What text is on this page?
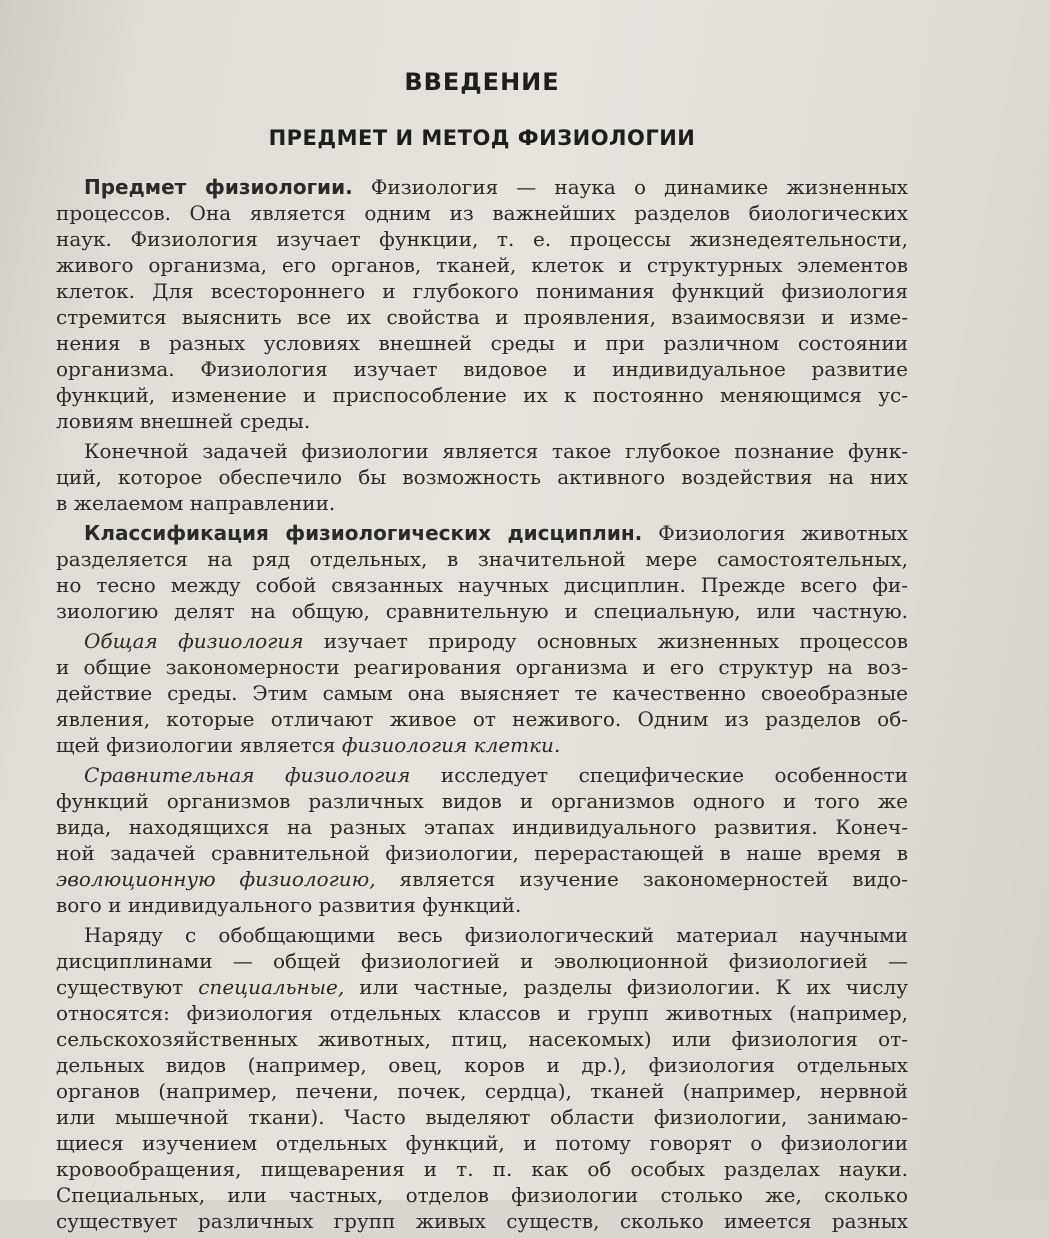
ВВЕДЕНИЕ
ПРЕДМЕТ И МЕТОД ФИЗИОЛОГИИ
Предмет физиологии. Физиология — наука о динамике жизненных
процессов. Она является одним из важнейших разделов биологических
наук. Физиология изучает функции, т. е. процессы жизнедеятельности,
живого организма, его органов, тканей, клеток и структурных элементов
клеток. Для всестороннего и глубокого понимания функций физиология
стремится выяснить все их свойства и проявления, взаимосвязи и изме-
нения в разных условиях внешней среды и при различном состоянии
организма. Физиология изучает видовое и индивидуальное развитие
функций, изменение и приспособление их к постоянно меняющимся ус-
ловиям внешней среды.
Конечной задачей физиологии является такое глубокое познание функ-
ций, которое обеспечило бы возможность активного воздействия на них
в желаемом направлении.
Классификация физиологических дисциплин. Физиология животных
разделяется на ряд отдельных, в значительной мере самостоятельных,
но тесно между собой связанных научных дисциплин. Прежде всего фи-
зиологию делят на общую, сравнительную и специальную, или частную.
Общая физиология изучает природу основных жизненных процессов
и общие закономерности реагирования организма и его структур на воз-
действие среды. Этим самым она выясняет те качественно своеобразные
явления, которые отличают живое от неживого. Одним из разделов об-
щей физиологии является физиология клетки.
Сравнительная физиология исследует специфические особенности
функций организмов различных видов и организмов одного и того же
вида, находящихся на разных этапах индивидуального развития. Конеч-
ной задачей сравнительной физиологии, перерастающей в наше время в
эволюционную физиологию, является изучение закономерностей видо-
вого и индивидуального развития функций.
Наряду с обобщающими весь физиологический материал научными
дисциплинами — общей физиологией и эволюционной физиологией —
существуют специальные, или частные, разделы физиологии. К их числу
относятся: физиология отдельных классов и групп животных (например,
сельскохозяйственных животных, птиц, насекомых) или физиология от-
дельных видов (например, овец, коров и др.), физиология отдельных
органов (например, печени, почек, сердца), тканей (например, нервной
или мышечной ткани). Часто выделяют области физиологии, занимаю-
щиеся изучением отдельных функций, и потому говорят о физиологии
кровообращения, пищеварения и т. п. как об особых разделах науки.
Специальных, или частных, отделов физиологии столько же, сколько
существует различных групп живых существ, сколько имеется разных
